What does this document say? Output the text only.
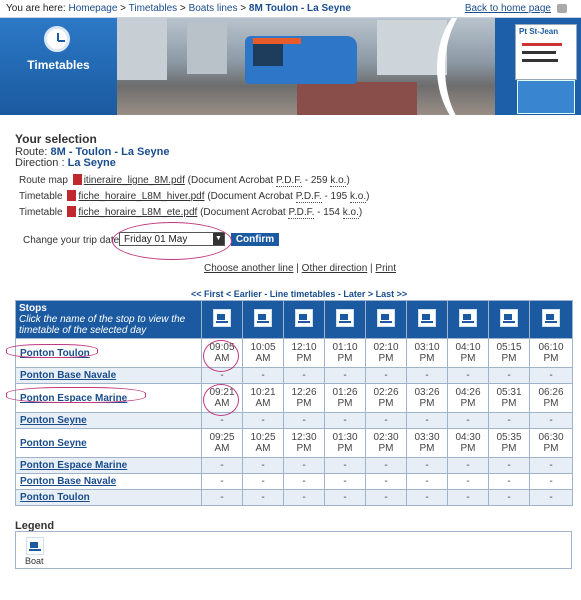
You are here: Homepage > Timetables > Boats lines > 8M Toulon - La Seyne	Back to home page
Timetables
Pt St-Jean
Your selection
Route: 8M - Toulon - La Seyne
Direction : La Seyne
Route map itineraire_ligne_8M.pdf (Document Acrobat P.D.F. - 259 k.o.)
Timetable fiche_horaire_L8M_hiver.pdf (Document Acrobat P.D.F. - 195 k.o.)
Timetable fiche_horaire_L8M_ete.pdf (Document Acrobat P.D.F. - 154 k.o.)
Change your trip date Friday 01 May	▼	Confirm
Choose another line | Other direction | Print
<< First < Earlier - Line timetables - Later > Last >>
Stops
Click the name of the stop to view the timetable of the selected day									

Ponton Toulon	09:05 AM	10:05 AM	12:10 PM	01:10 PM	02:10 PM	03:10 PM	04:10 PM	05:15 PM	06:10 PM
Ponton Base Navale	-	-	-	-	-	-	-	-	-
Ponton Espace Marine	09:21 AM	10:21 AM	12:26 PM	01:26 PM	02:26 PM	03:26 PM	04:26 PM	05:31 PM	06:26 PM
Ponton Seyne	-	-	-	-	-	-	-	-	-
Ponton Seyne	09:25 AM	10:25 AM	12:30 PM	01:30 PM	02:30 PM	03:30 PM	04:30 PM	05:35 PM	06:30 PM
Ponton Espace Marine	-	-	-	-	-	-	-	-	-
Ponton Base Navale	-	-	-	-	-	-	-	-	-
Ponton Toulon	-	-	-	-	-	-	-	-	-
Legend
Boat
